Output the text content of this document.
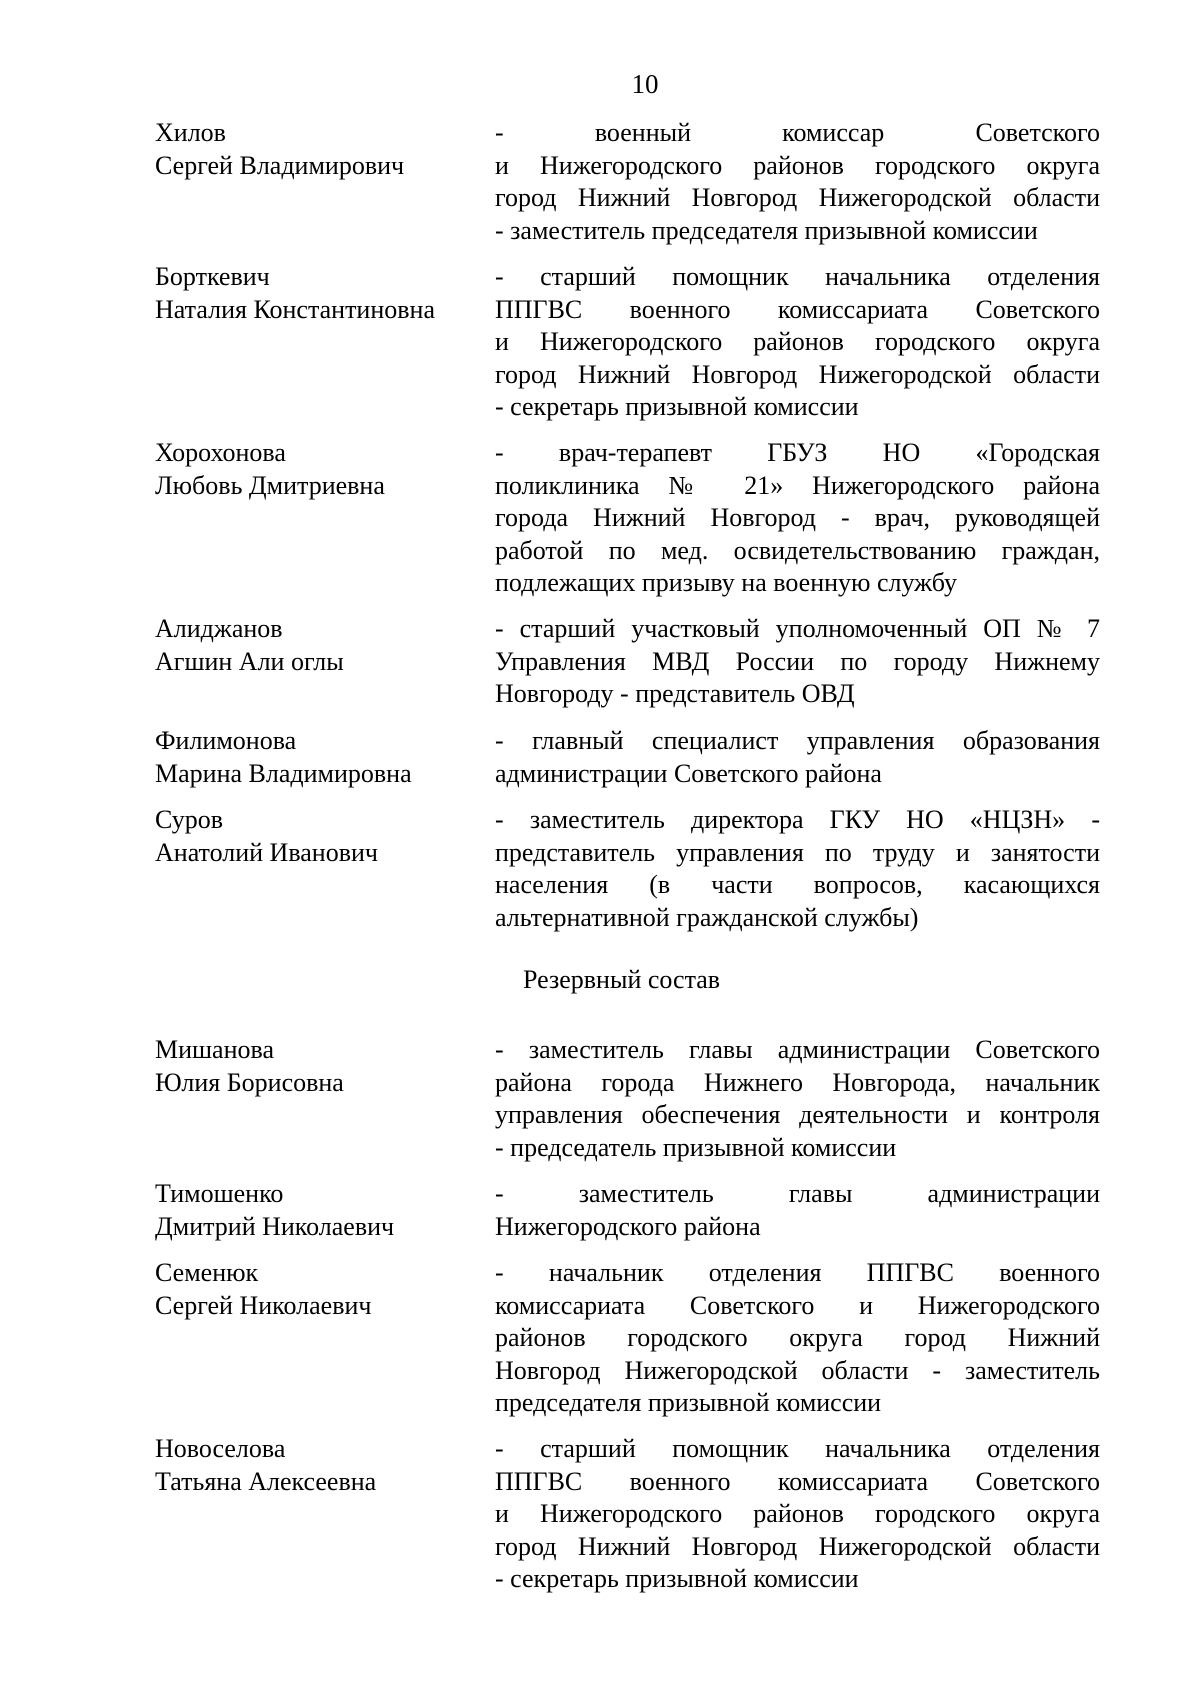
10
Хилов
Сергей Владимирович
- военный комиссар Советского
и Нижегородского районов городского округа
город Нижний Новгород Нижегородской области
- заместитель председателя призывной комиссии
Борткевич
Наталия Константиновна
- старший помощник начальника отделения
ППГВС военного комиссариата Советского
и Нижегородского районов городского округа
город Нижний Новгород Нижегородской области
- секретарь призывной комиссии
Хорохонова
Любовь Дмитриевна
- врач-терапевт ГБУЗ НО «Городская
поликлиника № 21» Нижегородского района
города Нижний Новгород - врач, руководящей
работой по мед. освидетельствованию граждан,
подлежащих призыву на военную службу
Алиджанов
Агшин Али оглы
- старший участковый уполномоченный ОП № 7
Управления МВД России по городу Нижнему
Новгороду - представитель ОВД
Филимонова
Марина Владимировна
- главный специалист управления образования
администрации Советского района
Суров
Анатолий Иванович
- заместитель директора ГКУ НО «НЦЗН» -
представитель управления по труду и занятости
населения (в части вопросов, касающихся
альтернативной гражданской службы)
Резервный состав
Мишанова
Юлия Борисовна
- заместитель главы администрации Советского
района города Нижнего Новгорода, начальник
управления обеспечения деятельности и контроля
- председатель призывной комиссии
Тимошенко
Дмитрий Николаевич
- заместитель главы администрации
Нижегородского района
Семенюк
Сергей Николаевич
- начальник отделения ППГВС военного
комиссариата Советского и Нижегородского
районов городского округа город Нижний
Новгород Нижегородской области - заместитель
председателя призывной комиссии
Новоселова
Татьяна Алексеевна
- старший помощник начальника отделения
ППГВС военного комиссариата Советского
и Нижегородского районов городского округа
город Нижний Новгород Нижегородской области
- секретарь призывной комиссии
